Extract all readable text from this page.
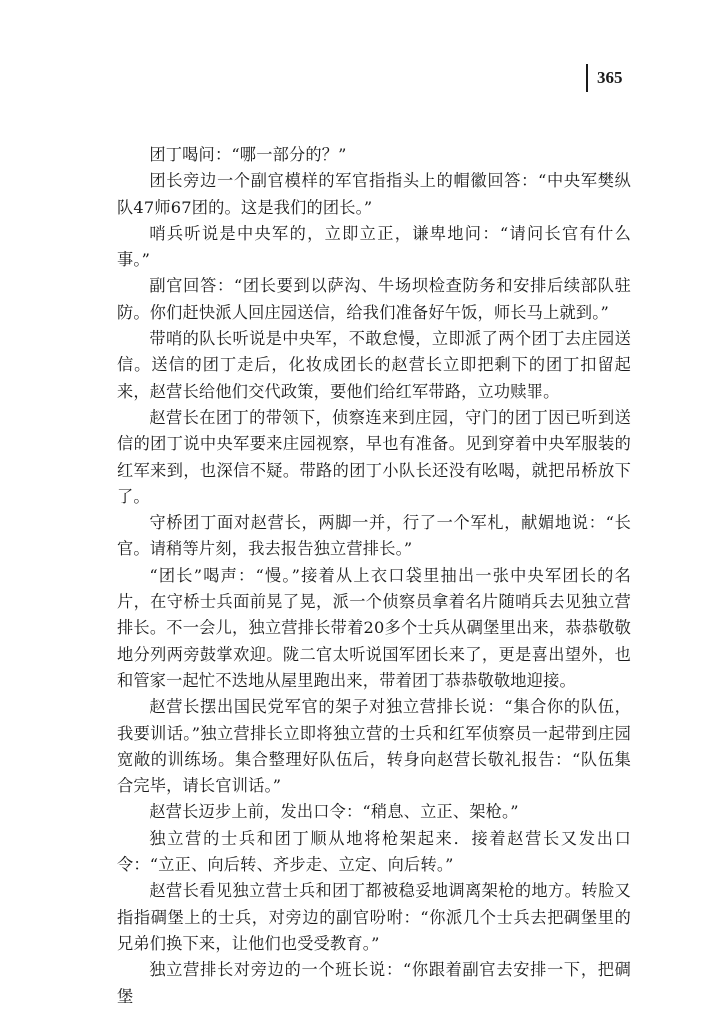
365

团丁喝问：“哪一部分的？”

团长旁边一个副官模样的军官指指头上的帽徽回答：“中央军樊纵队47师67团的。这是我们的团长。”

哨兵听说是中央军的，立即立正，谦卑地问：“请问长官有什么事。”

副官回答：“团长要到以萨沟、牛场坝检查防务和安排后续部队驻防。你们赶快派人回庄园送信，给我们准备好午饭，师长马上就到。”

带哨的队长听说是中央军，不敢怠慢，立即派了两个团丁去庄园送信。送信的团丁走后，化妆成团长的赵营长立即把剩下的团丁扣留起来，赵营长给他们交代政策，要他们给红军带路，立功赎罪。

赵营长在团丁的带领下，侦察连来到庄园，守门的团丁因已听到送信的团丁说中央军要来庄园视察，早也有准备。见到穿着中央军服装的红军来到，也深信不疑。带路的团丁小队长还没有吆喝，就把吊桥放下了。

守桥团丁面对赵营长，两脚一并，行了一个军札，献媚地说：“长官。请稍等片刻，我去报告独立营排长。”

“团长”喝声：“慢。”接着从上衣口袋里抽出一张中央军团长的名片，在守桥士兵面前晃了晃，派一个侦察员拿着名片随哨兵去见独立营排长。不一会儿，独立营排长带着20多个士兵从碉堡里出来，恭恭敬敬地分列两旁鼓掌欢迎。陇二官太听说国军团长来了，更是喜出望外，也和管家一起忙不迭地从屋里跑出来，带着团丁恭恭敬敬地迎接。

赵营长摆出国民党军官的架子对独立营排长说：“集合你的队伍，我要训话。”独立营排长立即将独立营的士兵和红军侦察员一起带到庄园宽敞的训练场。集合整理好队伍后，转身向赵营长敬礼报告：“队伍集合完毕，请长官训话。”

赵营长迈步上前，发出口令：“稍息、立正、架枪。”

独立营的士兵和团丁顺从地将枪架起来．接着赵营长又发出口令：“立正、向后转、齐步走、立定、向后转。”

赵营长看见独立营士兵和团丁都被稳妥地调离架枪的地方。转脸又指指碉堡上的士兵，对旁边的副官吩咐：“你派几个士兵去把碉堡里的兄弟们换下来，让他们也受受教育。”

独立营排长对旁边的一个班长说：“你跟着副官去安排一下，把碉堡
